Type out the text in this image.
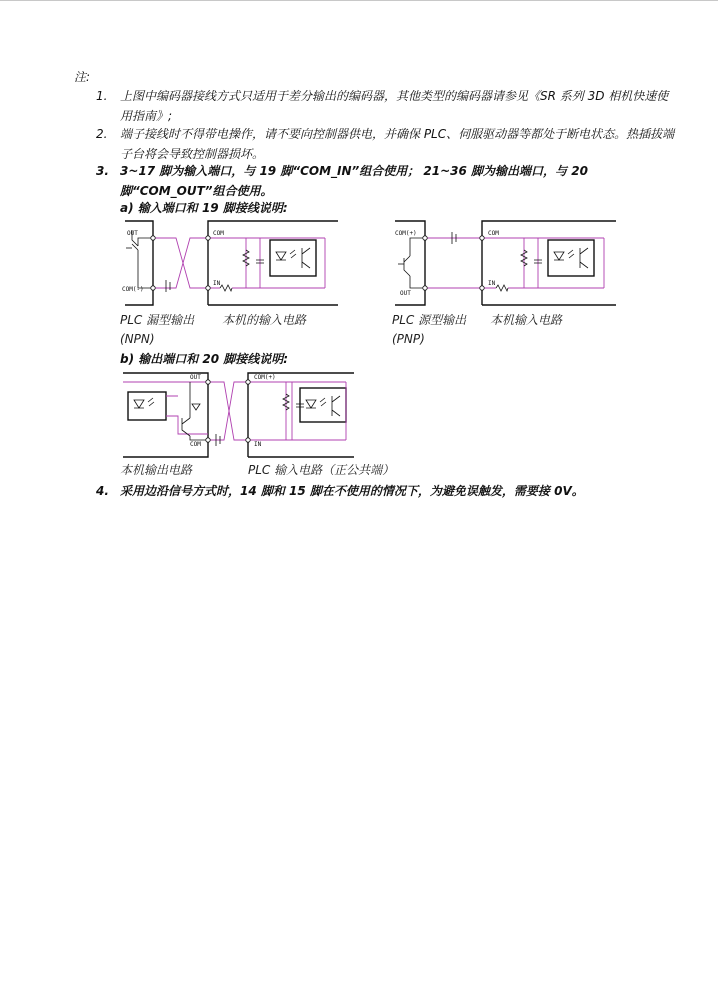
注:
1. 上图中编码器接线方式只适用于差分输出的编码器，其他类型的编码器请参见《SR 系列 3D 相机快速使用指南》;
2. 端子接线时不得带电操作，请不要向控制器供电，并确保 PLC、伺服驱动器等都处于断电状态。热插拔端子台将会导致控制器损坏。
3. 3~17 脚为输入端口，与 19 脚“COM_IN”组合使用； 21~36 脚为输出端口，与 20 脚“COM_OUT”组合使用。
a) 输入端口和 19 脚接线说明:
OUT
COM(-)
COM
IN
COM(+)
OUT
COM
IN
PLC 漏型输出
(NPN)
本机的输入电路	PLC 源型输出
(PNP)
本机输入电路
b) 输出端口和 20 脚接线说明:
OUT
COM
COM(+)
IN
本机输出电路	PLC 输入电路（正公共端）
4. 采用边沿信号方式时，14 脚和 15 脚在不使用的情况下，为避免误触发，需要接 0V。
